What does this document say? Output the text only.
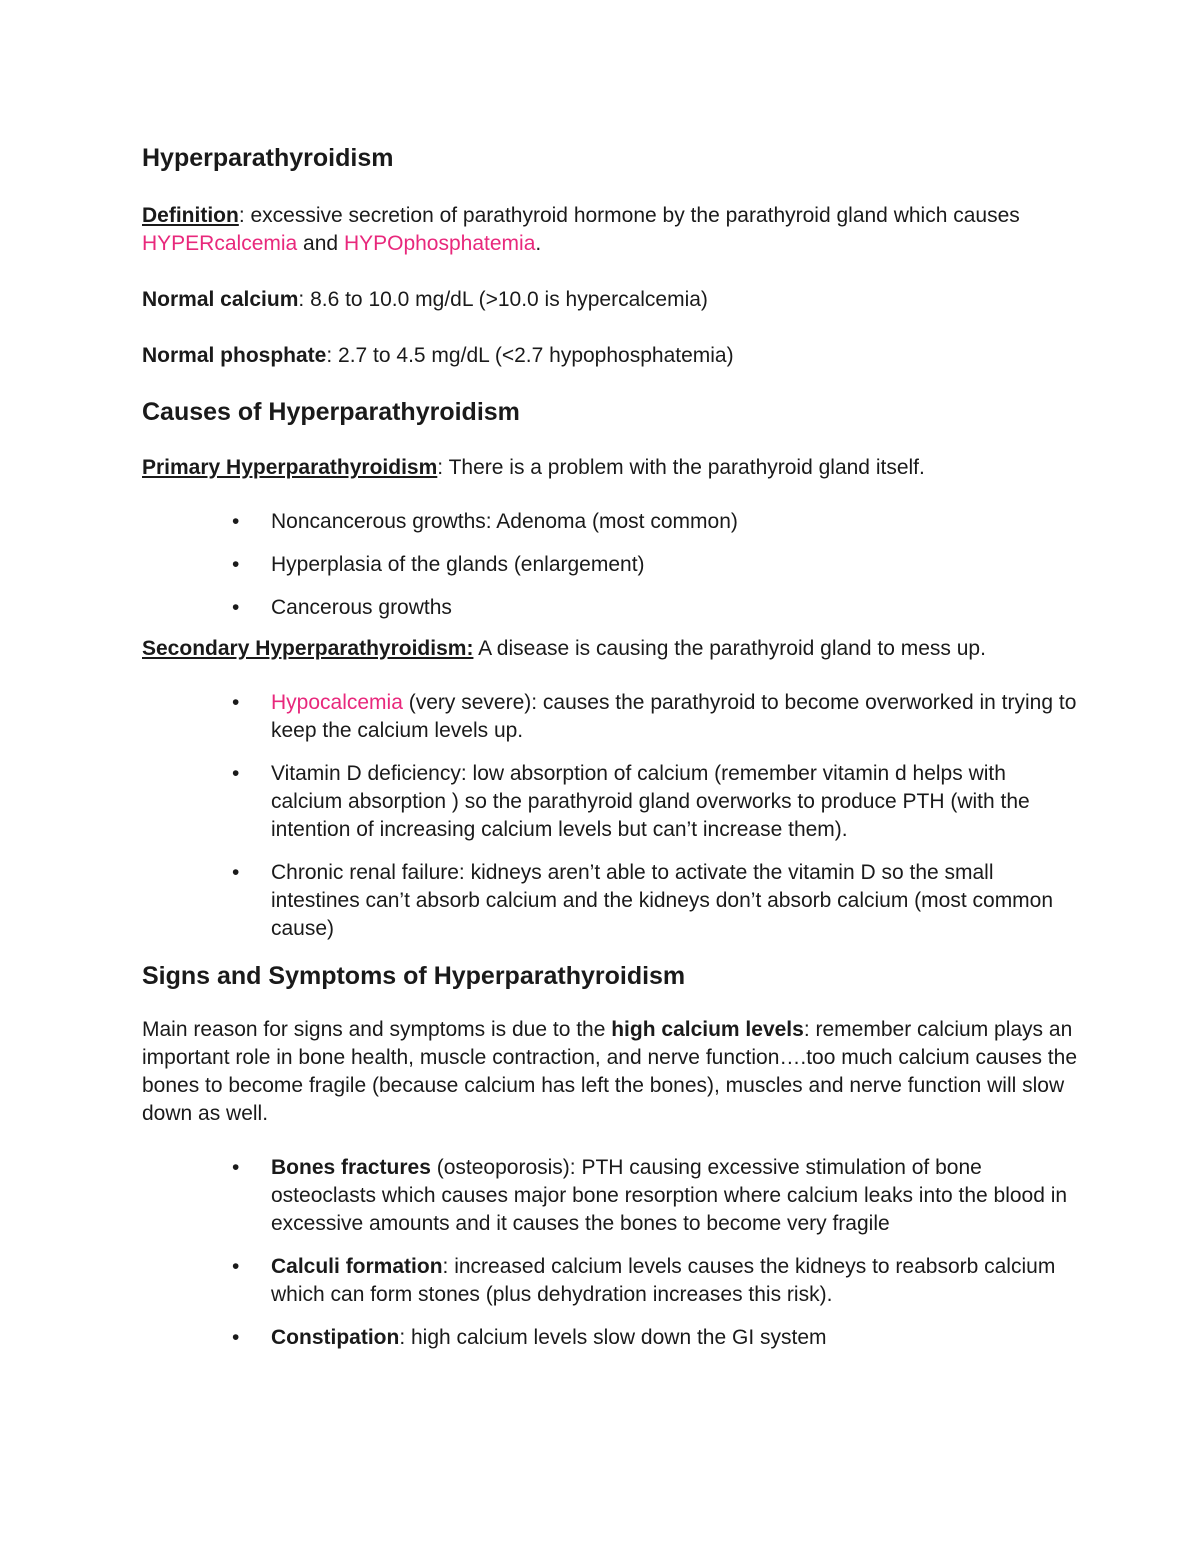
Hyperparathyroidism

Definition: excessive secretion of parathyroid hormone by the parathyroid gland which causes HYPERcalcemia and HYPOphosphatemia.

Normal calcium: 8.6 to 10.0 mg/dL (>10.0 is hypercalcemia)

Normal phosphate: 2.7 to 4.5 mg/dL (<2.7 hypophosphatemia)

Causes of Hyperparathyroidism

Primary Hyperparathyroidism: There is a problem with the parathyroid gland itself.

• Noncancerous growths: Adenoma (most common)
• Hyperplasia of the glands (enlargement)
• Cancerous growths

Secondary Hyperparathyroidism: A disease is causing the parathyroid gland to mess up.

• Hypocalcemia (very severe): causes the parathyroid to become overworked in trying to keep the calcium levels up.
• Vitamin D deficiency: low absorption of calcium (remember vitamin d helps with calcium absorption ) so the parathyroid gland overworks to produce PTH (with the intention of increasing calcium levels but can’t increase them).
• Chronic renal failure: kidneys aren’t able to activate the vitamin D so the small intestines can’t absorb calcium and the kidneys don’t absorb calcium (most common cause)
Signs and Symptoms of Hyperparathyroidism

Main reason for signs and symptoms is due to the high calcium levels: remember calcium plays an important role in bone health, muscle contraction, and nerve function….too much calcium causes the bones to become fragile (because calcium has left the bones), muscles and nerve function will slow down as well.

• Bones fractures (osteoporosis): PTH causing excessive stimulation of bone osteoclasts which causes major bone resorption where calcium leaks into the blood in excessive amounts and it causes the bones to become very fragile
• Calculi formation: increased calcium levels causes the kidneys to reabsorb calcium which can form stones (plus dehydration increases this risk).
• Constipation: high calcium levels slow down the GI system
